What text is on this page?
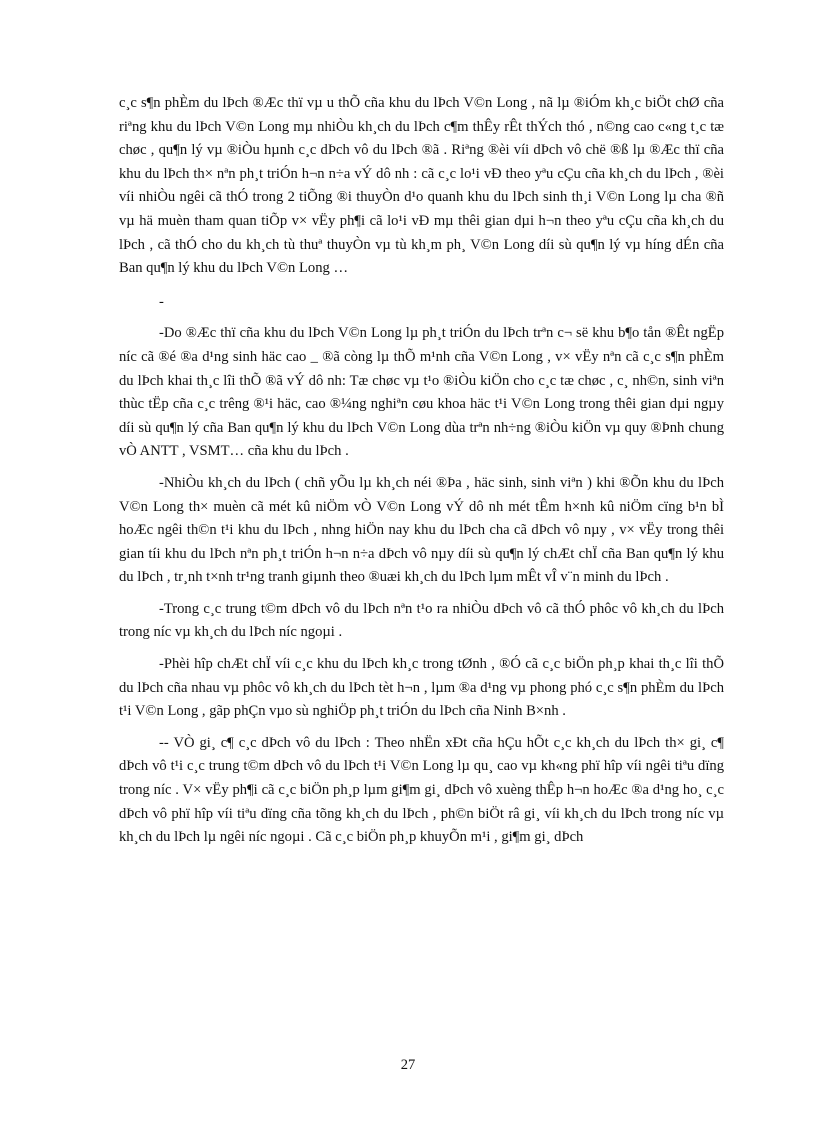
c¸c s¶n phÈm du lÞch ®Æc thï vµ u thÕ cña khu du lÞch V©n Long , nã lµ ®iÓm kh¸c biÖt chØ cña riªng khu du lÞch V©n Long mµ nhiÒu kh¸ch du lÞch c¶m thÊy rÊt thÝch thó , n©ng cao c«ng t¸c tæ chøc , qu¶n lý vµ ®iÒu hµnh c¸c dÞch vô du lÞch ®ã . Riªng ®èi víi dÞch vô chë ®ß lµ ®Æc thï cña khu du lÞch th× nªn ph¸t triÓn h¬n n÷a vÝ dô nh : cã c¸c lo¹i vÐ theo yªu cÇu cña kh¸ch du lÞch , ®èi víi nhiÒu ngêi cã thÓ trong 2 tiÕng ®i thuyÒn d¹o quanh khu du lÞch sinh th¸i V©n Long lµ cha ®ñ vµ hä muèn tham quan tiÕp v× vËy ph¶i cã lo¹i vÐ mµ thêi gian dµi h¬n theo yªu cÇu cña kh¸ch du lÞch , cã thÓ cho du kh¸ch tù thuª thuyÒn vµ tù kh¸m ph¸ V©n Long díi sù qu¶n lý vµ híng dÉn cña Ban qu¶n lý khu du lÞch V©n Long …

-

-Do ®Æc thï cña khu du lÞch V©n Long lµ ph¸t triÓn du lÞch trªn c¬ së khu b¶o tån ®Êt ngËp níc cã ®é ®a d¹ng sinh häc cao _ ®ã còng lµ thÕ m¹nh cña V©n Long , v× vËy nªn cã c¸c s¶n phÈm du lÞch khai th¸c lîi thÕ ®ã vÝ dô nh: Tæ chøc vµ t¹o ®iÒu kiÖn cho c¸c tæ chøc , c¸ nh©n, sinh viªn thùc tËp cña c¸c trêng ®¹i häc, cao ®¼ng nghiªn cøu khoa häc t¹i V©n Long trong thêi gian dµi ngµy díi sù qu¶n lý cña Ban qu¶n lý khu du lÞch V©n Long dùa trªn nh÷ng ®iÒu kiÖn vµ quy ®Þnh chung vÒ ANTT , VSMT… cña khu du lÞch .

-NhiÒu kh¸ch du lÞch ( chñ yÕu lµ kh¸ch néi ®Þa , häc sinh, sinh viªn ) khi ®Õn khu du lÞch V©n Long th× muèn cã mét kû niÖm vÒ V©n Long vÝ dô nh mét tÊm h×nh kû niÖm cïng b¹n bÌ hoÆc ngêi th©n t¹i khu du lÞch , nhng hiÖn nay khu du lÞch cha cã dÞch vô nµy , v× vËy trong thêi gian tíi khu du lÞch nªn ph¸t triÓn h¬n n÷a dÞch vô nµy díi sù qu¶n lý chÆt chÏ cña Ban qu¶n lý khu du lÞch , tr¸nh t×nh tr¹ng tranh giµnh theo ®uæi kh¸ch du lÞch lµm mÊt vÎ v¨n minh du lÞch .

-Trong c¸c trung t©m dÞch vô du lÞch nªn t¹o ra nhiÒu dÞch vô cã thÓ phôc vô kh¸ch du lÞch trong níc vµ kh¸ch du lÞch níc ngoµi .

-Phèi hîp chÆt chÏ víi c¸c khu du lÞch kh¸c trong tØnh , ®Ó cã c¸c biÖn ph¸p khai th¸c lîi thÕ du lÞch cña nhau vµ phôc vô kh¸ch du lÞch tèt h¬n , lµm ®a d¹ng vµ phong phó c¸c s¶n phÈm du lÞch t¹i V©n Long , gãp phÇn vµo sù nghiÖp ph¸t triÓn du lÞch cña Ninh B×nh .

-- VÒ gi¸ c¶ c¸c dÞch vô du lÞch : Theo nhËn xÐt cña hÇu hÕt c¸c kh¸ch du lÞch th× gi¸ c¶ dÞch vô t¹i c¸c trung t©m dÞch vô du lÞch t¹i V©n Long lµ qu¸ cao vµ kh«ng phï hîp víi ngêi tiªu dïng trong níc . V× vËy ph¶i cã c¸c biÖn ph¸p lµm gi¶m gi¸ dÞch vô xuèng thÊp h¬n hoÆc ®a d¹ng ho¸ c¸c dÞch vô phï hîp víi tiªu dïng cña tõng kh¸ch du lÞch , ph©n biÖt râ gi¸ víi kh¸ch du lÞch trong níc vµ kh¸ch du lÞch lµ ngêi níc ngoµi . Cã c¸c biÖn ph¸p khuyÕn m¹i , gi¶m gi¸ dÞch

27
